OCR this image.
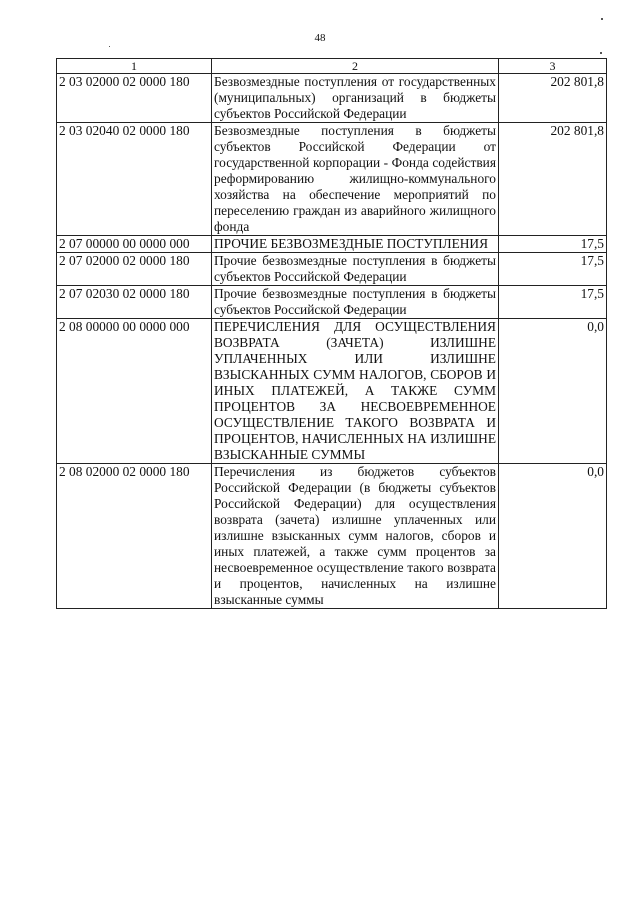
48
1	2	3
2 03 02000 02 0000 180	Безвозмездные поступления от государственных (муниципальных) организаций в бюджеты субъектов Российской Федерации	202 801,8
2 03 02040 02 0000 180	Безвозмездные поступления в бюджеты субъектов Российской Федерации от государственной корпорации - Фонда содействия реформированию жилищно-коммунального хозяйства на обеспечение мероприятий по переселению граждан из аварийного жилищного фонда	202 801,8
2 07 00000 00 0000 000	ПРОЧИЕ БЕЗВОЗМЕЗДНЫЕ ПОСТУПЛЕНИЯ	17,5
2 07 02000 02 0000 180	Прочие безвозмездные поступления в бюджеты субъектов Российской Федерации	17,5
2 07 02030 02 0000 180	Прочие безвозмездные поступления в бюджеты субъектов Российской Федерации	17,5
2 08 00000 00 0000 000	ПЕРЕЧИСЛЕНИЯ ДЛЯ ОСУЩЕСТВЛЕНИЯ ВОЗВРАТА (ЗАЧЕТА) ИЗЛИШНЕ УПЛАЧЕННЫХ ИЛИ ИЗЛИШНЕ ВЗЫСКАННЫХ СУММ НАЛОГОВ, СБОРОВ И ИНЫХ ПЛАТЕЖЕЙ, А ТАКЖЕ СУММ ПРОЦЕНТОВ ЗА НЕСВОЕВРЕМЕННОЕ ОСУЩЕСТВЛЕНИЕ ТАКОГО ВОЗВРАТА И ПРОЦЕНТОВ, НАЧИСЛЕННЫХ НА ИЗЛИШНЕ ВЗЫСКАННЫЕ СУММЫ	0,0
2 08 02000 02 0000 180	Перечисления из бюджетов субъектов Российской Федерации (в бюджеты субъектов Российской Федерации) для осуществления возврата (зачета) излишне уплаченных или излишне взысканных сумм налогов, сборов и иных платежей, а также сумм процентов за несвоевременное осуществление такого возврата и процентов, начисленных на излишне взысканные суммы	0,0
